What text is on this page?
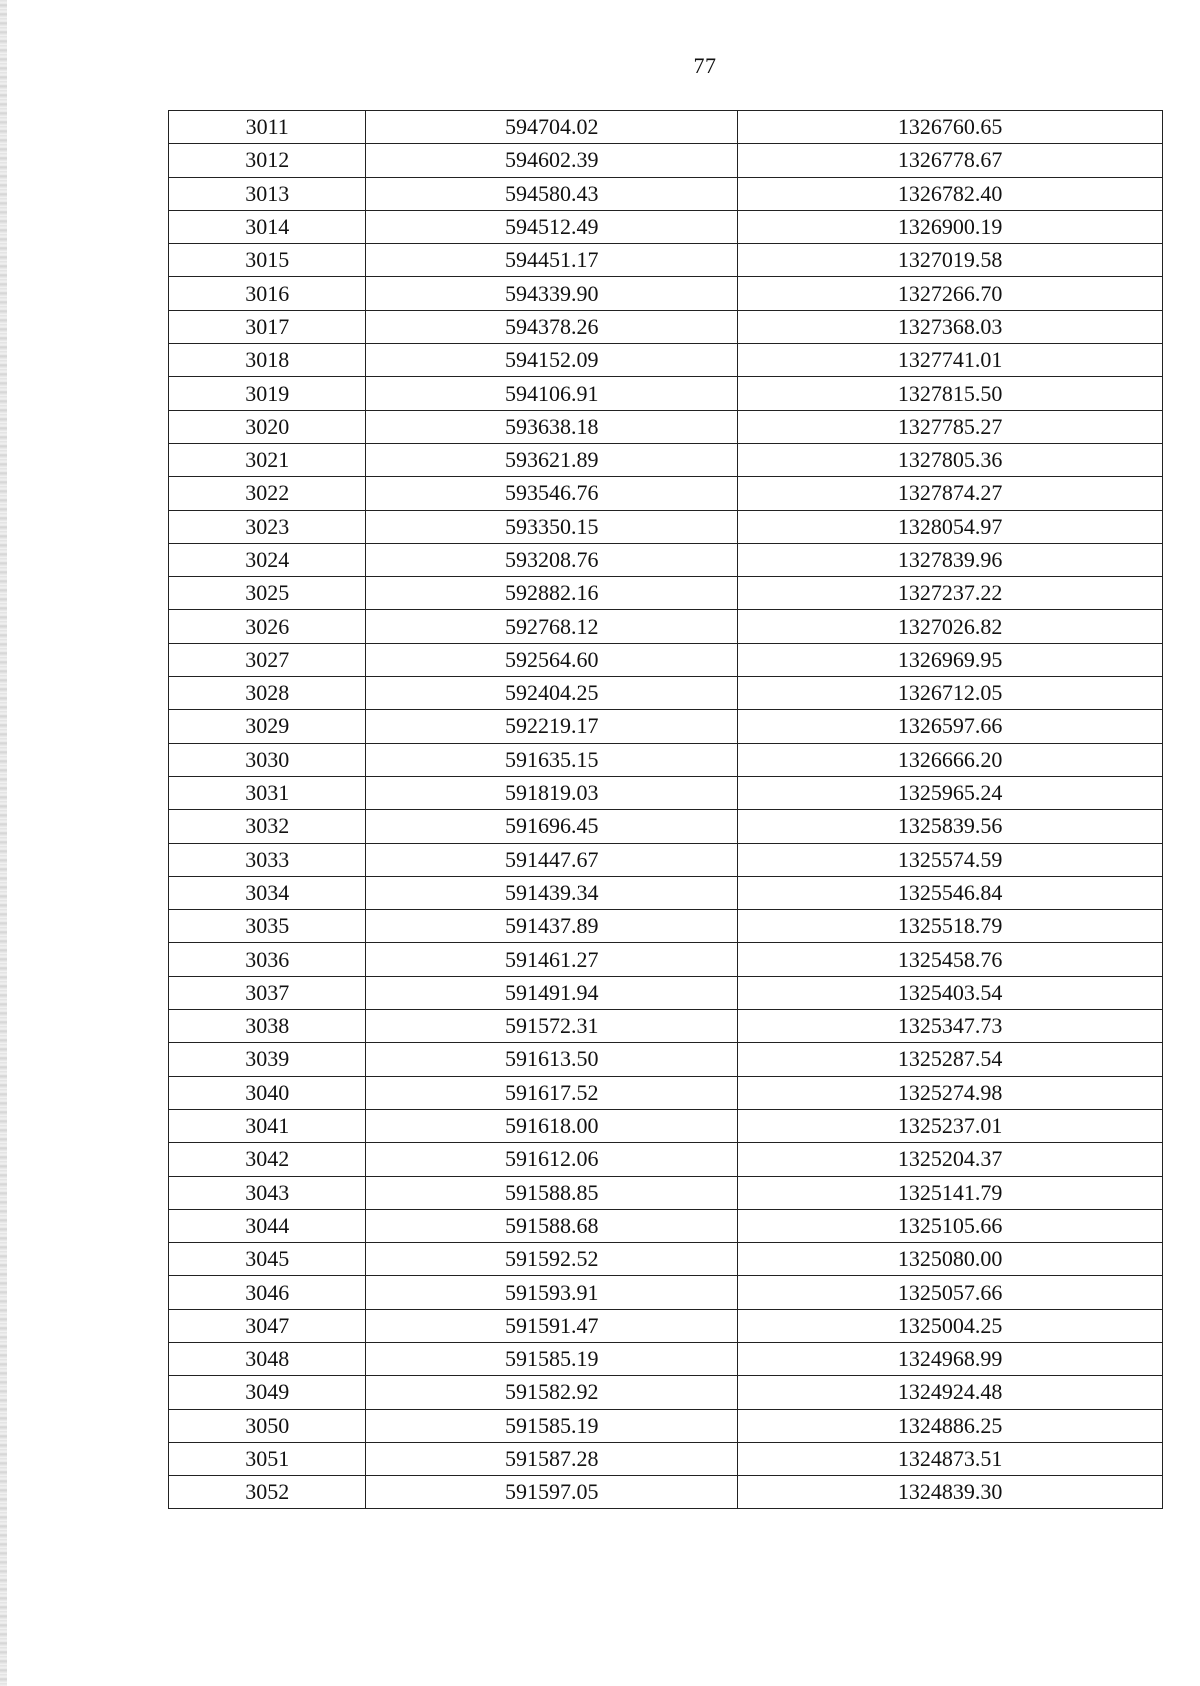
77
3011	594704.02	1326760.65
3012	594602.39	1326778.67
3013	594580.43	1326782.40
3014	594512.49	1326900.19
3015	594451.17	1327019.58
3016	594339.90	1327266.70
3017	594378.26	1327368.03
3018	594152.09	1327741.01
3019	594106.91	1327815.50
3020	593638.18	1327785.27
3021	593621.89	1327805.36
3022	593546.76	1327874.27
3023	593350.15	1328054.97
3024	593208.76	1327839.96
3025	592882.16	1327237.22
3026	592768.12	1327026.82
3027	592564.60	1326969.95
3028	592404.25	1326712.05
3029	592219.17	1326597.66
3030	591635.15	1326666.20
3031	591819.03	1325965.24
3032	591696.45	1325839.56
3033	591447.67	1325574.59
3034	591439.34	1325546.84
3035	591437.89	1325518.79
3036	591461.27	1325458.76
3037	591491.94	1325403.54
3038	591572.31	1325347.73
3039	591613.50	1325287.54
3040	591617.52	1325274.98
3041	591618.00	1325237.01
3042	591612.06	1325204.37
3043	591588.85	1325141.79
3044	591588.68	1325105.66
3045	591592.52	1325080.00
3046	591593.91	1325057.66
3047	591591.47	1325004.25
3048	591585.19	1324968.99
3049	591582.92	1324924.48
3050	591585.19	1324886.25
3051	591587.28	1324873.51
3052	591597.05	1324839.30
